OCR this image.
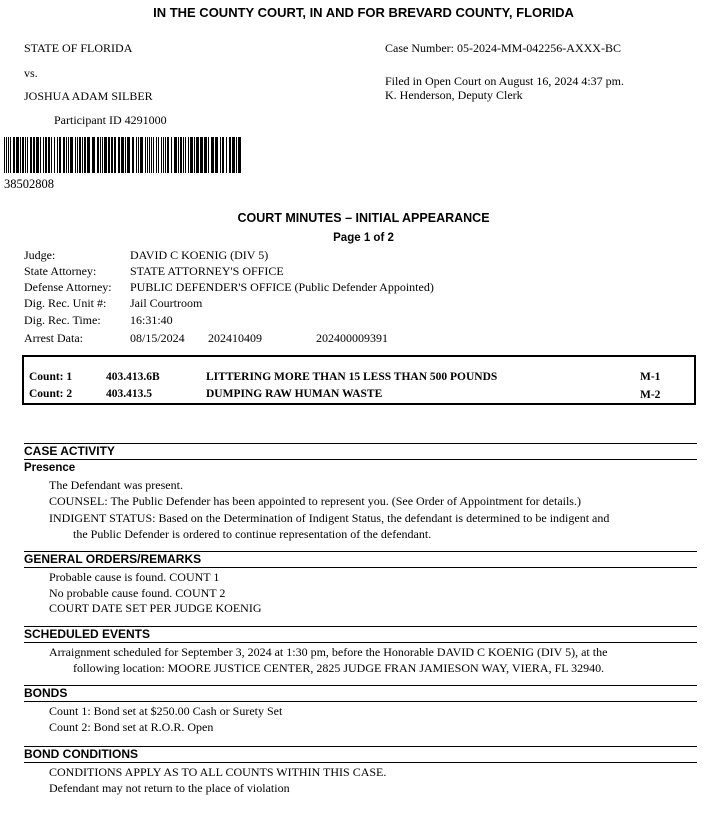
IN THE COUNTY COURT, IN AND FOR BREVARD COUNTY, FLORIDA
STATE OF FLORIDA
vs.
JOSHUA ADAM SILBER
Participant ID 4291000
Case Number: 05-2024-MM-042256-AXXX-BC
Filed in Open Court on August 16, 2024 4:37 pm.
K. Henderson, Deputy Clerk
38502808
COURT MINUTES – INITIAL APPEARANCE
Page 1 of 2
Judge:	DAVID C KOENIG (DIV 5)
State Attorney:	STATE ATTORNEY'S OFFICE
Defense Attorney: PUBLIC DEFENDER'S OFFICE (Public Defender Appointed)
Dig. Rec. Unit #: Jail Courtroom
Dig. Rec. Time: 16:31:40
Arrest Data:	08/15/2024 202410409	202400009391
Count: 1	403.413.6B	LITTERING MORE THAN 15 LESS THAN 500 POUNDS	M-1
Count: 2	403.413.5	DUMPING RAW HUMAN WASTE	M-2
CASE ACTIVITY
Presence
The Defendant was present.
COUNSEL: The Public Defender has been appointed to represent you. (See Order of Appointment for details.)
INDIGENT STATUS: Based on the Determination of Indigent Status, the defendant is determined to be indigent and
the Public Defender is ordered to continue representation of the defendant.
GENERAL ORDERS/REMARKS
Probable cause is found. COUNT 1
No probable cause found. COUNT 2
COURT DATE SET PER JUDGE KOENIG
SCHEDULED EVENTS
Arraignment scheduled for September 3, 2024 at 1:30 pm, before the Honorable DAVID C KOENIG (DIV 5), at the
following location: MOORE JUSTICE CENTER, 2825 JUDGE FRAN JAMIESON WAY, VIERA, FL 32940.
BONDS
Count 1: Bond set at $250.00 Cash or Surety Set
Count 2: Bond set at R.O.R. Open
BOND CONDITIONS
CONDITIONS APPLY AS TO ALL COUNTS WITHIN THIS CASE.
Defendant may not return to the place of violation
